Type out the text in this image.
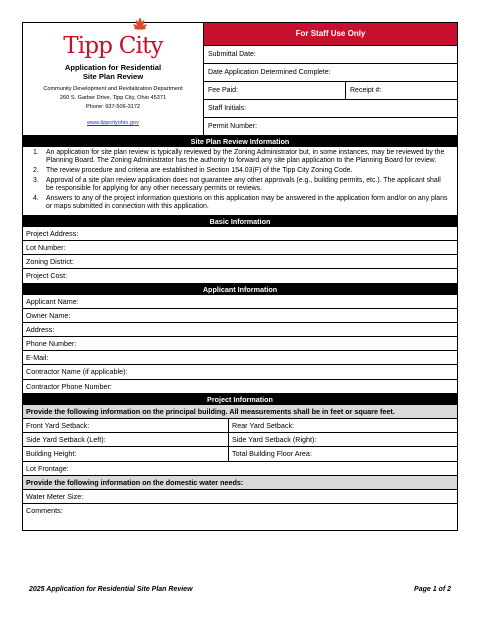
Tipp City
Application for Residential
Site Plan Review
Community Development and Revitalization Department
260 S. Garber Drive, Tipp City, Ohio 45371
Phone: 937-506-3172
www.tippcityohio.gov
For Staff Use Only
Submittal Date:
Date Application Determined Complete:
Fee Paid:	Receipt #:
Staff Initials:
Permit Number:
Site Plan Review Information
1.	An application for site plan review is typically reviewed by the Zoning Administrator but, in some instances, may be reviewed by the Planning Board. The Zoning Administrator has the authority to forward any site plan application to the Planning Board for review.
2.	The review procedure and criteria are established in Section 154.03(F) of the Tipp City Zoning Code.
3.	Approval of a site plan review application does not guarantee any other approvals (e.g., building permits, etc.). The applicant shall be responsible for applying for any other necessary permits or reviews.
4.	Answers to any of the project information questions on this application may be answered in the application form and/or on any plans or maps submitted in connection with this application.
Basic Information
Project Address:
Lot Number:
Zoning District:
Project Cost:
Applicant Information
Applicant Name:
Owner Name:
Address:
Phone Number:
E-Mail:
Contractor Name (if applicable):
Contractor Phone Number:
Project Information
Provide the following information on the principal building. All measurements shall be in feet or square feet.
Front Yard Setback:	Rear Yard Setback:
Side Yard Setback (Left):	Side Yard Setback (Right):
Building Height:	Total Building Floor Area:
Lot Frontage:
Provide the following information on the domestic water needs:
Water Meter Size:
Comments:
2025 Application for Residential Site Plan Review	Page 1 of 2
